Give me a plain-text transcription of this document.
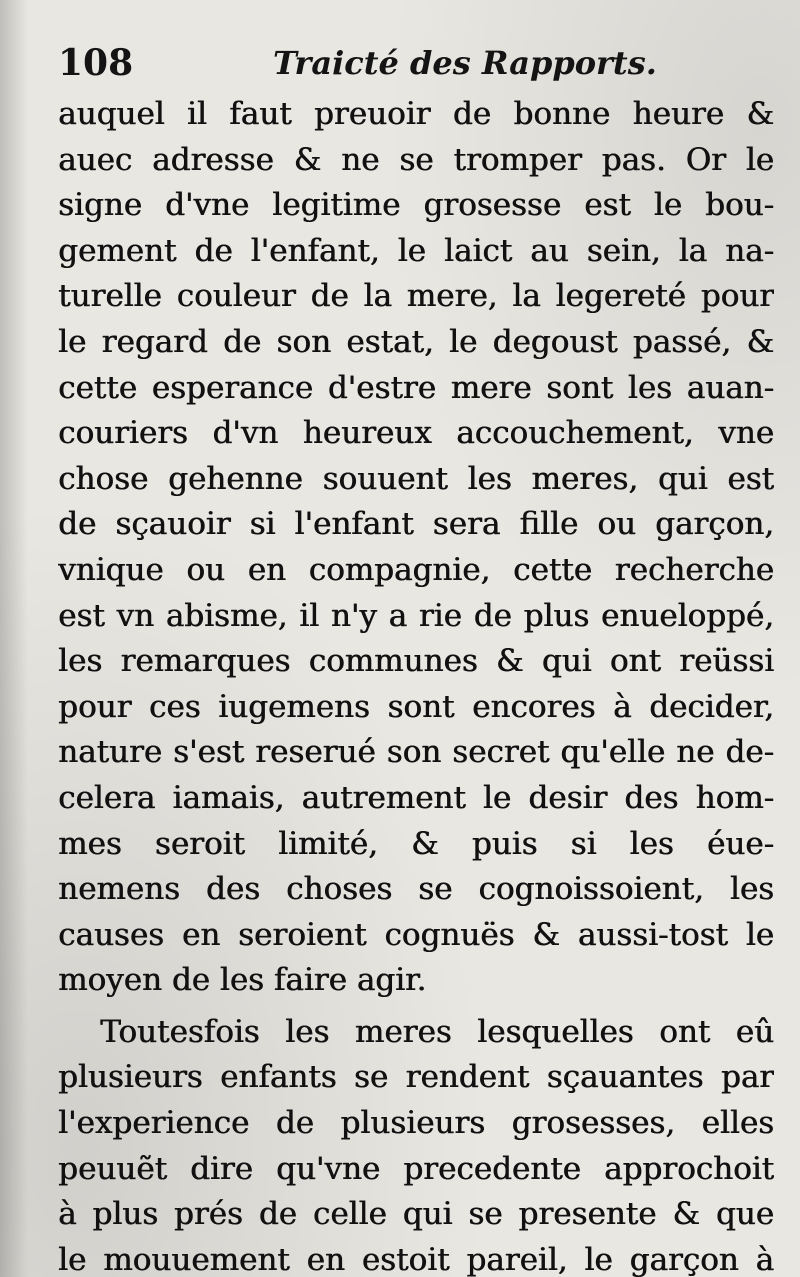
108	Traicté des Rapports.
auquel il faut preuoir de bonne heure &
auec adresse & ne se tromper pas. Or le
signe d'vne legitime grosesse est le bou-
gement de l'enfant, le laict au sein, la na-
turelle couleur de la mere, la legereté pour
le regard de son estat, le degoust passé, &
cette esperance d'estre mere sont les auan-
couriers d'vn heureux accouchement, vne
chose gehenne souuent les meres, qui est
de sçauoir si l'enfant sera fille ou garçon,
vnique ou en compagnie, cette recherche
est vn abisme, il n'y a rie de plus enueloppé,
les remarques communes & qui ont reüssi
pour ces iugemens sont encores à decider,
nature s'est reserué son secret qu'elle ne de-
celera iamais, autrement le desir des hom-
mes seroit limité, & puis si les éue-
nemens des choses se cognoissoient, les
causes en seroient cognuës & aussi-tost le
moyen de les faire agir.
Toutesfois les meres lesquelles ont eû
plusieurs enfants se rendent sçauantes par
l'experience de plusieurs grosesses, elles
peuuẽt dire qu'vne precedente approchoit
à plus prés de celle qui se presente & que
le mouuement en estoit pareil, le garçon à
